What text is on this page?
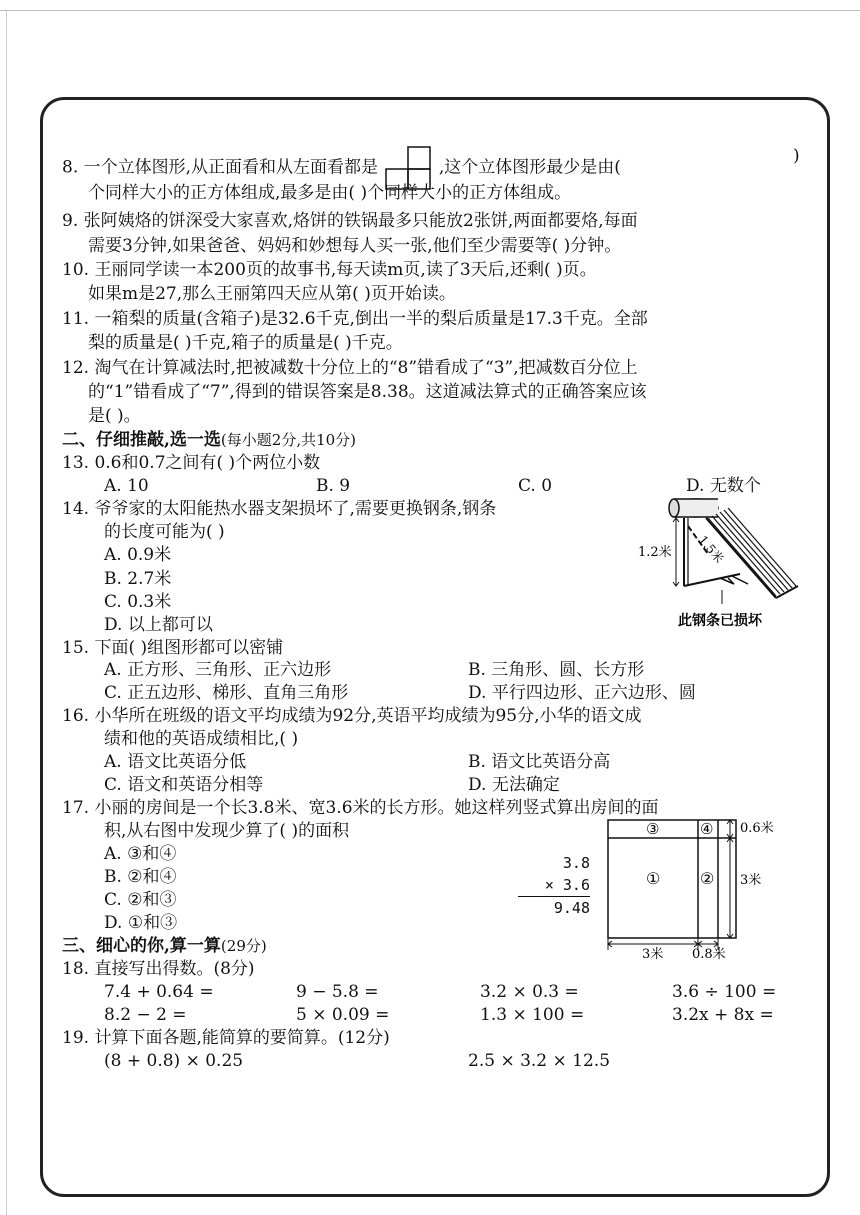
8. 一个立体图形,从正面看和从左面看都是	,这个立体图形最少是由(
)
个同样大小的正方体组成,最多是由( )个同样大小的正方体组成。
9. 张阿姨烙的饼深受大家喜欢,烙饼的铁锅最多只能放2张饼,两面都要烙,每面
需要3分钟,如果爸爸、妈妈和妙想每人买一张,他们至少需要等( )分钟。
10. 王丽同学读一本200页的故事书,每天读m页,读了3天后,还剩( )页。
如果m是27,那么王丽第四天应从第( )页开始读。
11. 一箱梨的质量(含箱子)是32.6千克,倒出一半的梨后质量是17.3千克。全部
梨的质量是( )千克,箱子的质量是( )千克。
12. 淘气在计算减法时,把被减数十分位上的“8”错看成了“3”,把减数百分位上
的“1”错看成了“7”,得到的错误答案是8.38。这道减法算式的正确答案应该
是( )。
二、仔细推敲,选一选(每小题2分,共10分)
13. 0.6和0.7之间有( )个两位小数
A. 10	B. 9	C. 0	D. 无数个
14. 爷爷家的太阳能热水器支架损坏了,需要更换钢条,钢条
的长度可能为( )
A. 0.9米
B. 2.7米
C. 0.3米
D. 以上都可以
1.2米 1.5米
此钢条已损坏
15. 下面( )组图形都可以密铺
A. 正方形、三角形、正六边形	B. 三角形、圆、长方形
C. 正五边形、梯形、直角三角形	D. 平行四边形、正六边形、圆
16. 小华所在班级的语文平均成绩为92分,英语平均成绩为95分,小华的语文成
绩和他的英语成绩相比,( )
A. 语文比英语分低	B. 语文比英语分高
C. 语文和英语分相等	D. 无法确定
17. 小丽的房间是一个长3.8米、宽3.6米的长方形。她这样列竖式算出房间的面
积,从右图中发现少算了( )的面积
A. ③和④
B. ②和④
C. ②和③
D. ①和③
3.8
× 3.6
9.48
③	④
① ②
0.6米
3米
3米 0.8米
三、细心的你,算一算(29分)
18. 直接写出得数。(8分)
7.4 + 0.64 =	9 − 5.8 =	3.2 × 0.3 =	3.6 ÷ 100 =
8.2 − 2 =	5 × 0.09 =	1.3 × 100 =	3.2x + 8x =
19. 计算下面各题,能简算的要简算。(12分)
(8 + 0.8) × 0.25	2.5 × 3.2 × 12.5
